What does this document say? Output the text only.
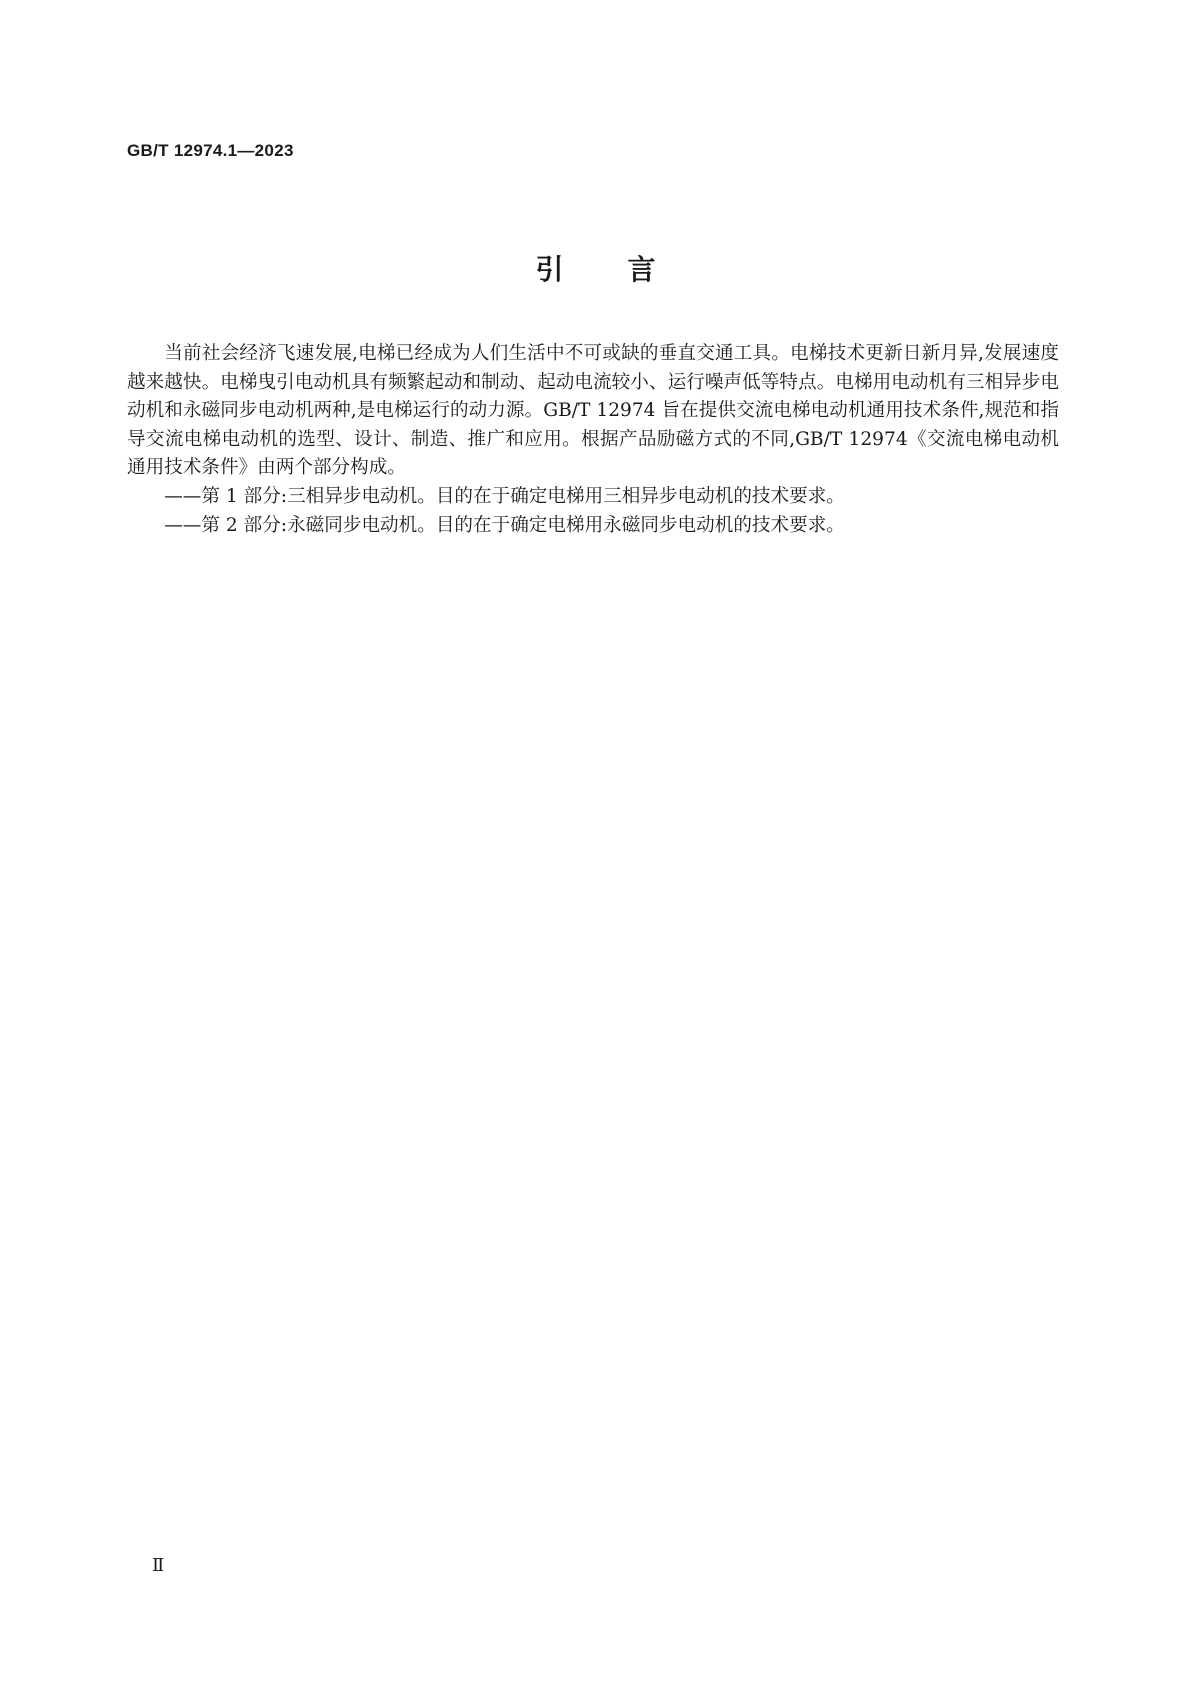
GB/T 12974.1—2023
引言

当前社会经济飞速发展,电梯已经成为人们生活中不可或缺的垂直交通工具。电梯技术更新日新月异,发展速度越来越快。电梯曳引电动机具有频繁起动和制动、起动电流较小、运行噪声低等特点。电梯用电动机有三相异步电动机和永磁同步电动机两种,是电梯运行的动力源。GB/T 12974 旨在提供交流电梯电动机通用技术条件,规范和指导交流电梯电动机的选型、设计、制造、推广和应用。根据产品励磁方式的不同,GB/T 12974《交流电梯电动机通用技术条件》由两个部分构成。

——第 1 部分:三相异步电动机。目的在于确定电梯用三相异步电动机的技术要求。

——第 2 部分:永磁同步电动机。目的在于确定电梯用永磁同步电动机的技术要求。

Ⅱ
